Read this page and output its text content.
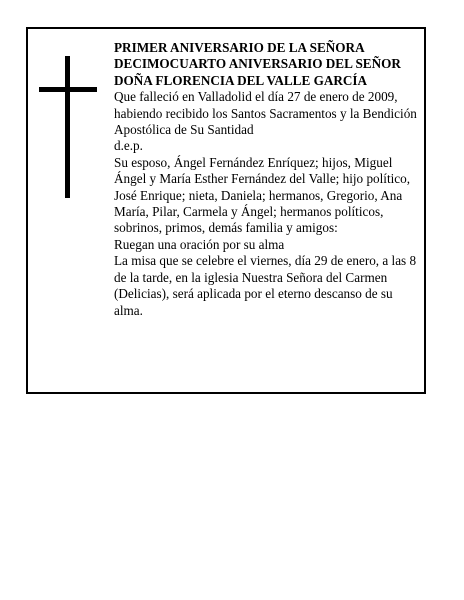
PRIMER ANIVERSARIO DE LA SEÑORA

DECIMOCUARTO ANIVERSARIO DEL SEÑOR

DOÑA FLORENCIA DEL VALLE GARCÍA

Que falleció en Valladolid el día 27 de enero de 2009, habiendo recibido los Santos Sacramentos y la Bendición Apostólica de Su Santidad

d.e.p.

Su esposo, Ángel Fernández Enríquez; hijos, Miguel Ángel y María Esther Fernández del Valle; hijo político, José Enrique; nieta, Daniela; hermanos, Gregorio, Ana María, Pilar, Carmela y Ángel; hermanos políticos, sobrinos, primos, demás familia y amigos:

Ruegan una oración por su alma

La misa que se celebre el viernes, día 29 de enero, a las 8 de la tarde, en la iglesia Nuestra Señora del Carmen (Delicias), será aplicada por el eterno descanso de su alma.
